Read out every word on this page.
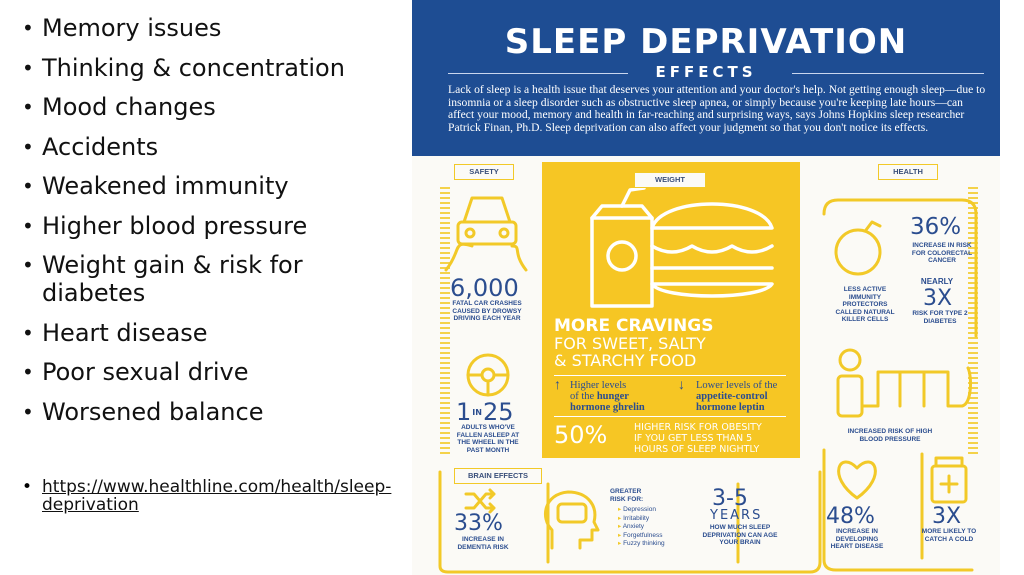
• Memory issues
• Thinking & concentration
• Mood changes
• Accidents
• Weakened immunity
• Higher blood pressure
• Weight gain & risk for diabetes
• Heart disease
• Poor sexual drive
• Worsened balance
• https://www.healthline.com/health/sleep-deprivation
SLEEP DEPRIVATION
EFFECTS
Lack of sleep is a health issue that deserves your attention and your doctor's help. Not getting enough sleep—due to insomnia or a sleep disorder such as obstructive sleep apnea, or simply because you're keeping late hours—can affect your mood, memory and health in far-reaching and surprising ways, says Johns Hopkins sleep researcher Patrick Finan, Ph.D. Sleep deprivation can also affect your judgment so that you don't notice its effects.
SAFETY
6,000
FATAL CAR CRASHES CAUSED BY DROWSY DRIVING EACH YEAR
1 IN 25
ADULTS WHO'VE FALLEN ASLEEP AT THE WHEEL IN THE PAST MONTH
WEIGHT
MORE CRAVINGS
FOR SWEET, SALTY
& STARCHY FOOD
↑ Higher levels
of the hunger
hormone ghrelin
↓ Lower levels of the
appetite-control
hormone leptin
50%	HIGHER RISK FOR OBESITY
IF YOU GET LESS THAN 5
HOURS OF SLEEP NIGHTLY
HEALTH
36%
INCREASE IN RISK FOR COLORECTAL CANCER
LESS ACTIVE IMMUNITY PROTECTORS CALLED NATURAL KILLER CELLS
NEARLY
3X
RISK FOR TYPE 2 DIABETES
INCREASED RISK OF HIGH BLOOD PRESSURE
48%
INCREASE IN DEVELOPING HEART DISEASE
3X
MORE LIKELY TO CATCH A COLD
BRAIN EFFECTS
33%
INCREASE IN DEMENTIA RISK
GREATER RISK FOR:
▸ Depression
▸ Irritability
▸ Anxiety
▸ Forgetfulness
▸ Fuzzy thinking
3-5
YEARS
HOW MUCH SLEEP DEPRIVATION CAN AGE YOUR BRAIN
